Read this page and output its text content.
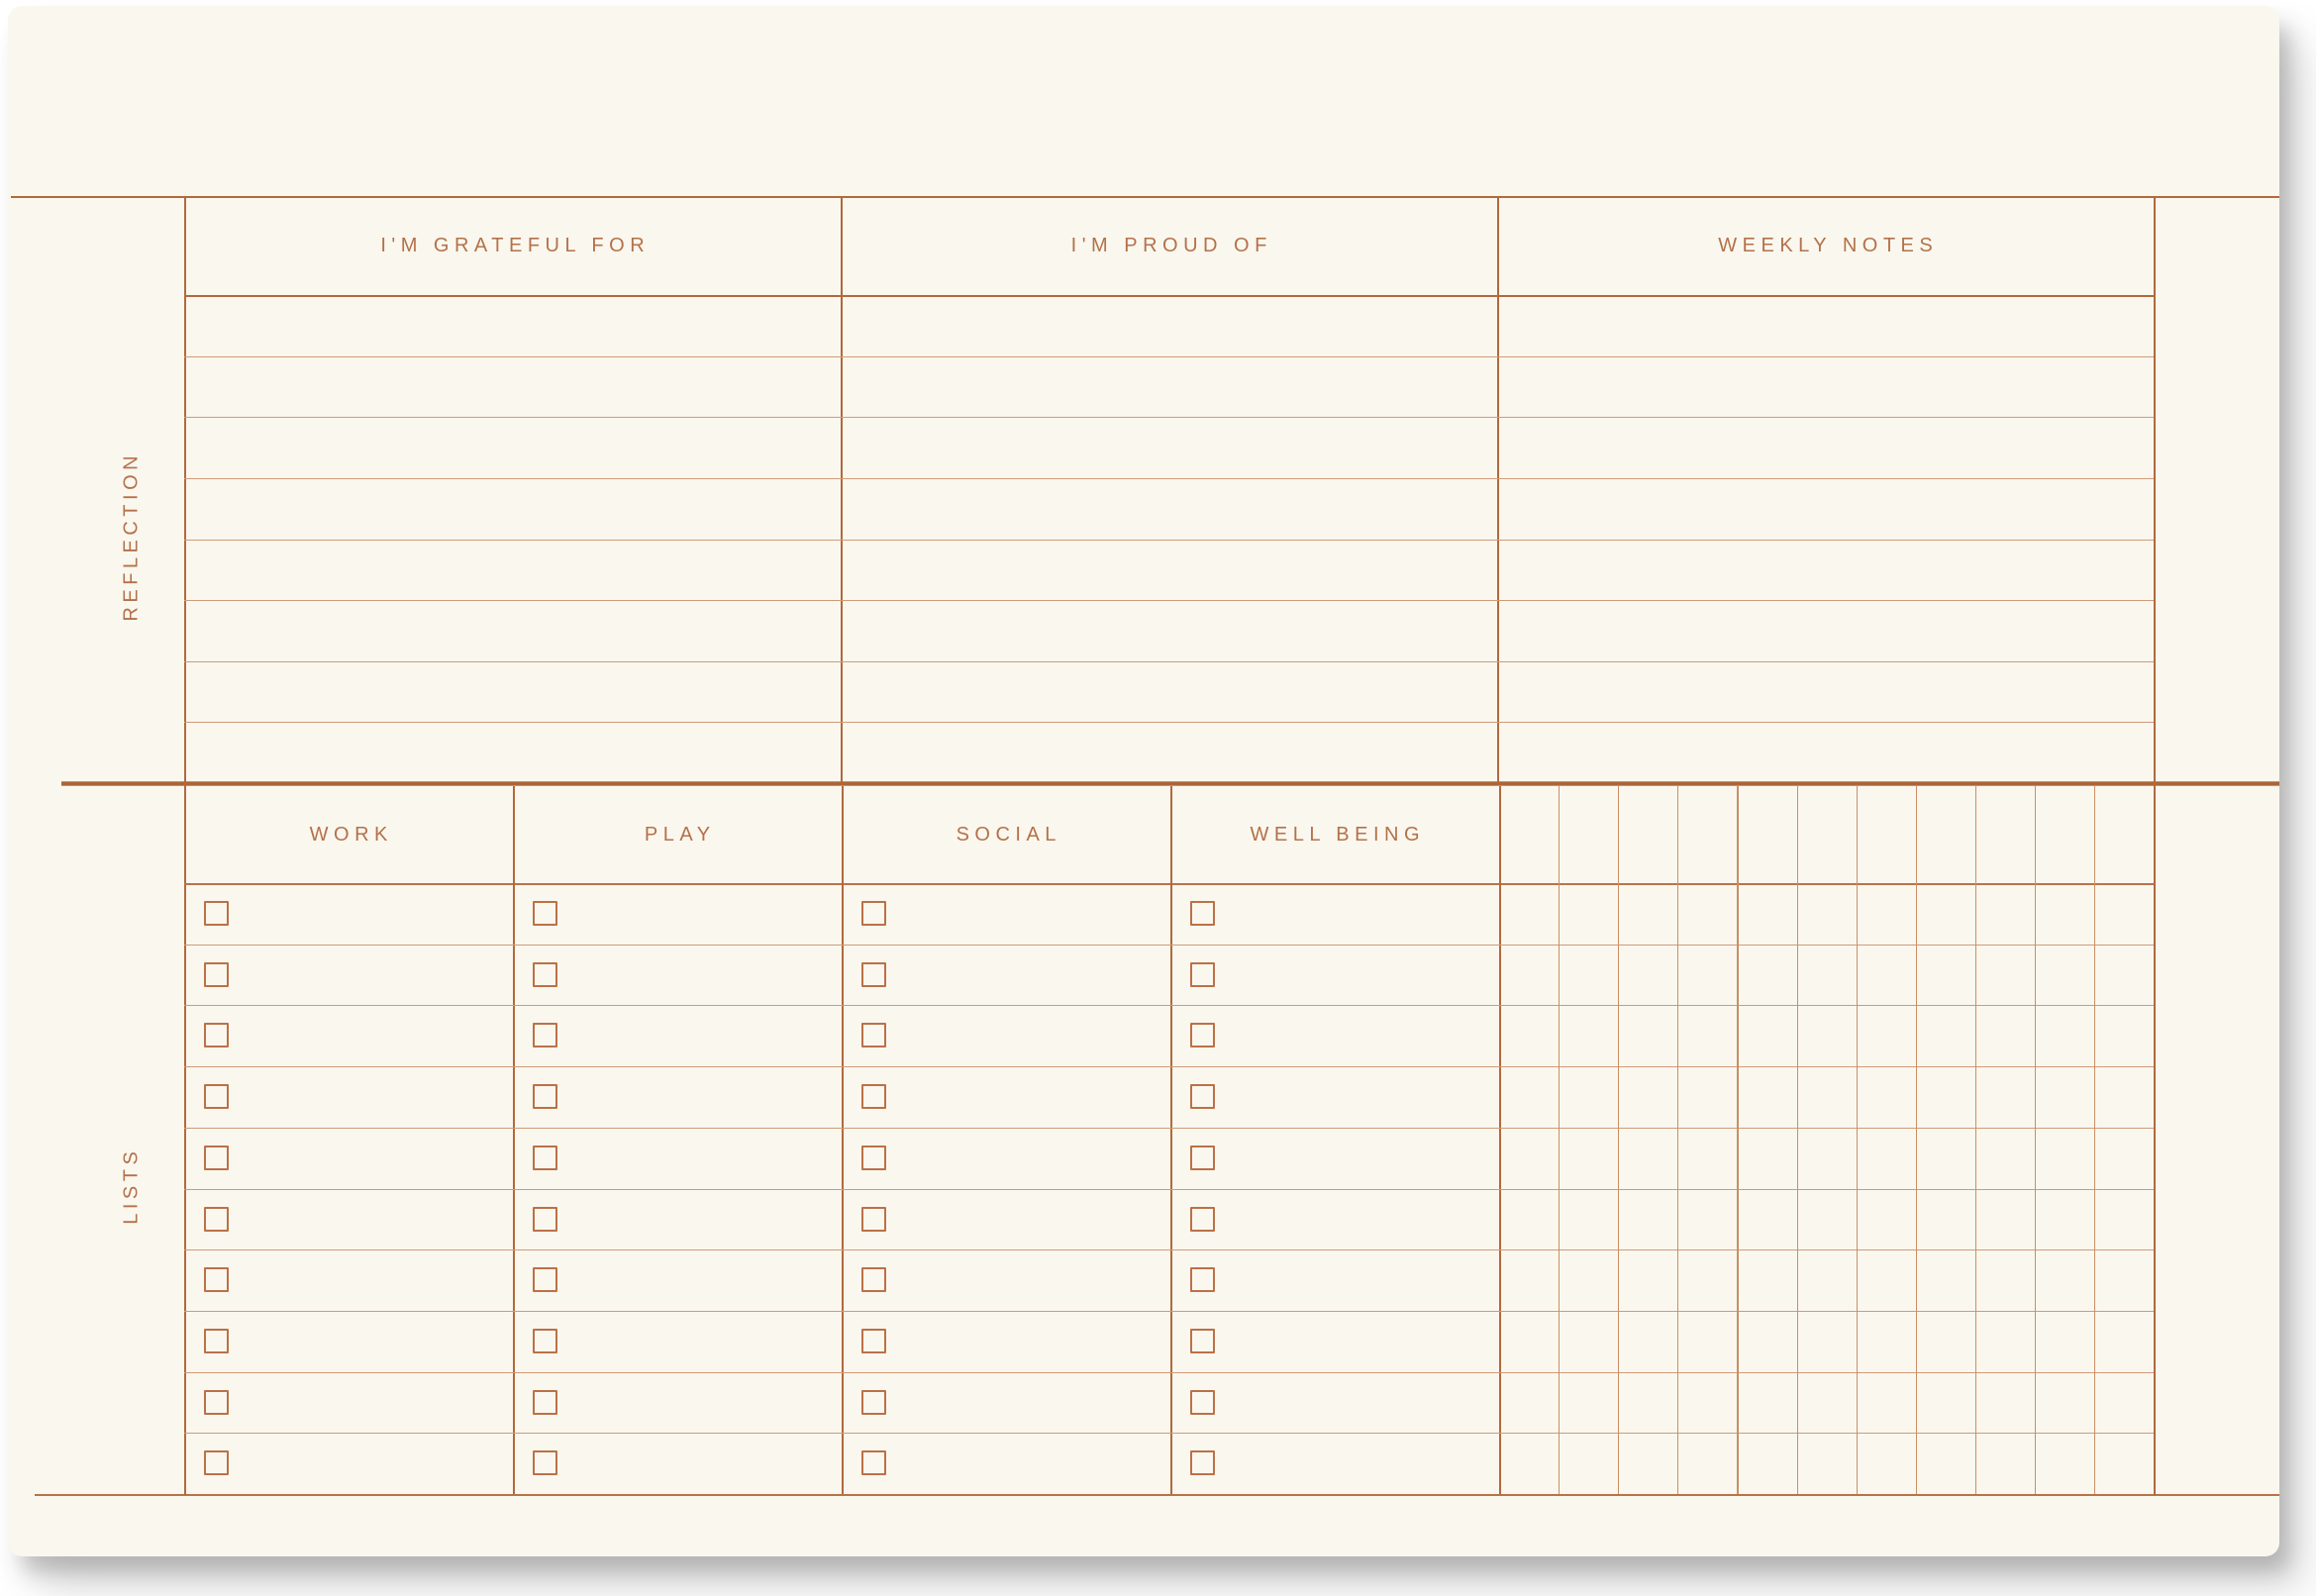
REFLECTION
I'M GRATEFUL FOR	I'M PROUD OF	WEEKLY NOTES
LISTS
WORK	PLAY	SOCIAL	WELL BEING
